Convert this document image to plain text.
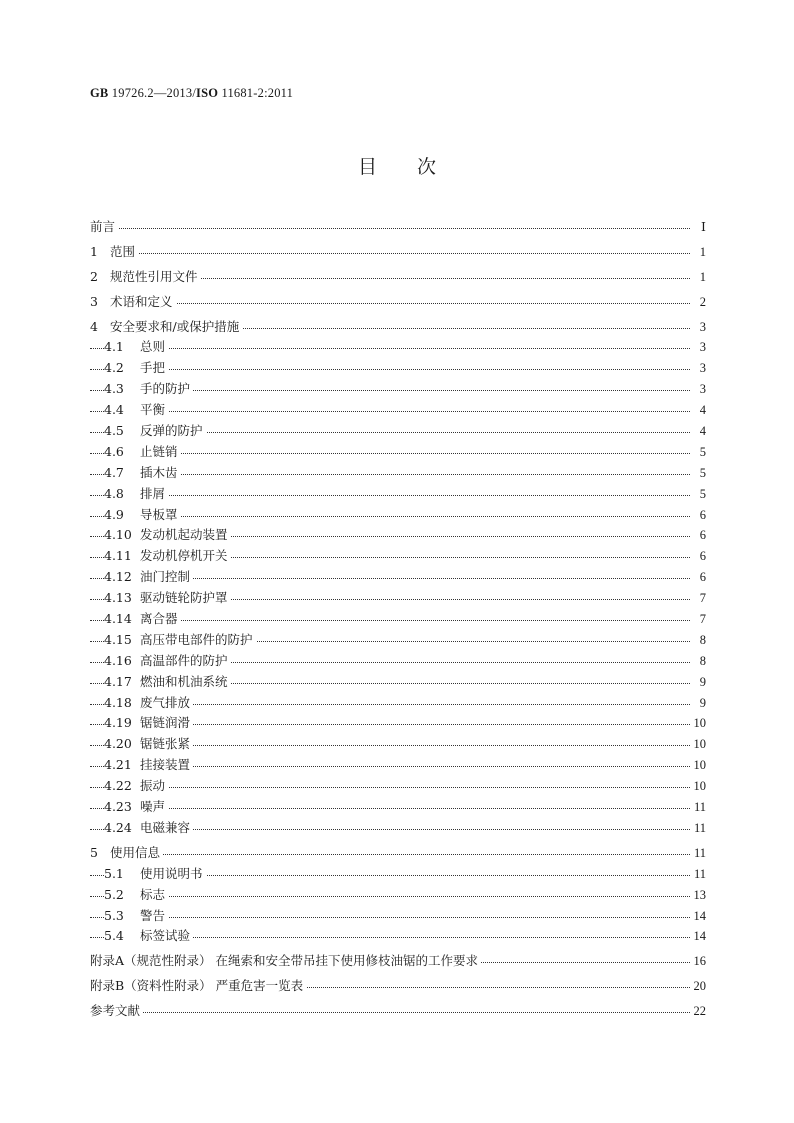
GB 19726.2—2013/ISO 11681-2:2011
目次
前言	Ⅰ
1 范围	1
2 规范性引用文件	1
3 术语和定义	2
4 安全要求和/或保护措施	3
4.1 总则	3
4.2 手把	3
4.3 手的防护	3
4.4 平衡	4
4.5 反弹的防护	4
4.6 止链销	5
4.7 插木齿	5
4.8 排屑	5
4.9 导板罩	6
4.10 发动机起动装置	6
4.11 发动机停机开关	6
4.12 油门控制	6
4.13 驱动链轮防护罩	7
4.14 离合器	7
4.15 高压带电部件的防护	8
4.16 高温部件的防护	8
4.17 燃油和机油系统	9
4.18 废气排放	9
4.19 锯链润滑	10
4.20 锯链张紧	10
4.21 挂接装置	10
4.22 振动	10
4.23 噪声	11
4.24 电磁兼容	11
5 使用信息	11
5.1 使用说明书	11
5.2 标志	13
5.3 警告	14
5.4 标签试验	14
附录A（规范性附录） 在绳索和安全带吊挂下使用修枝油锯的工作要求	16
附录B（资料性附录） 严重危害一览表	20
参考文献	22
